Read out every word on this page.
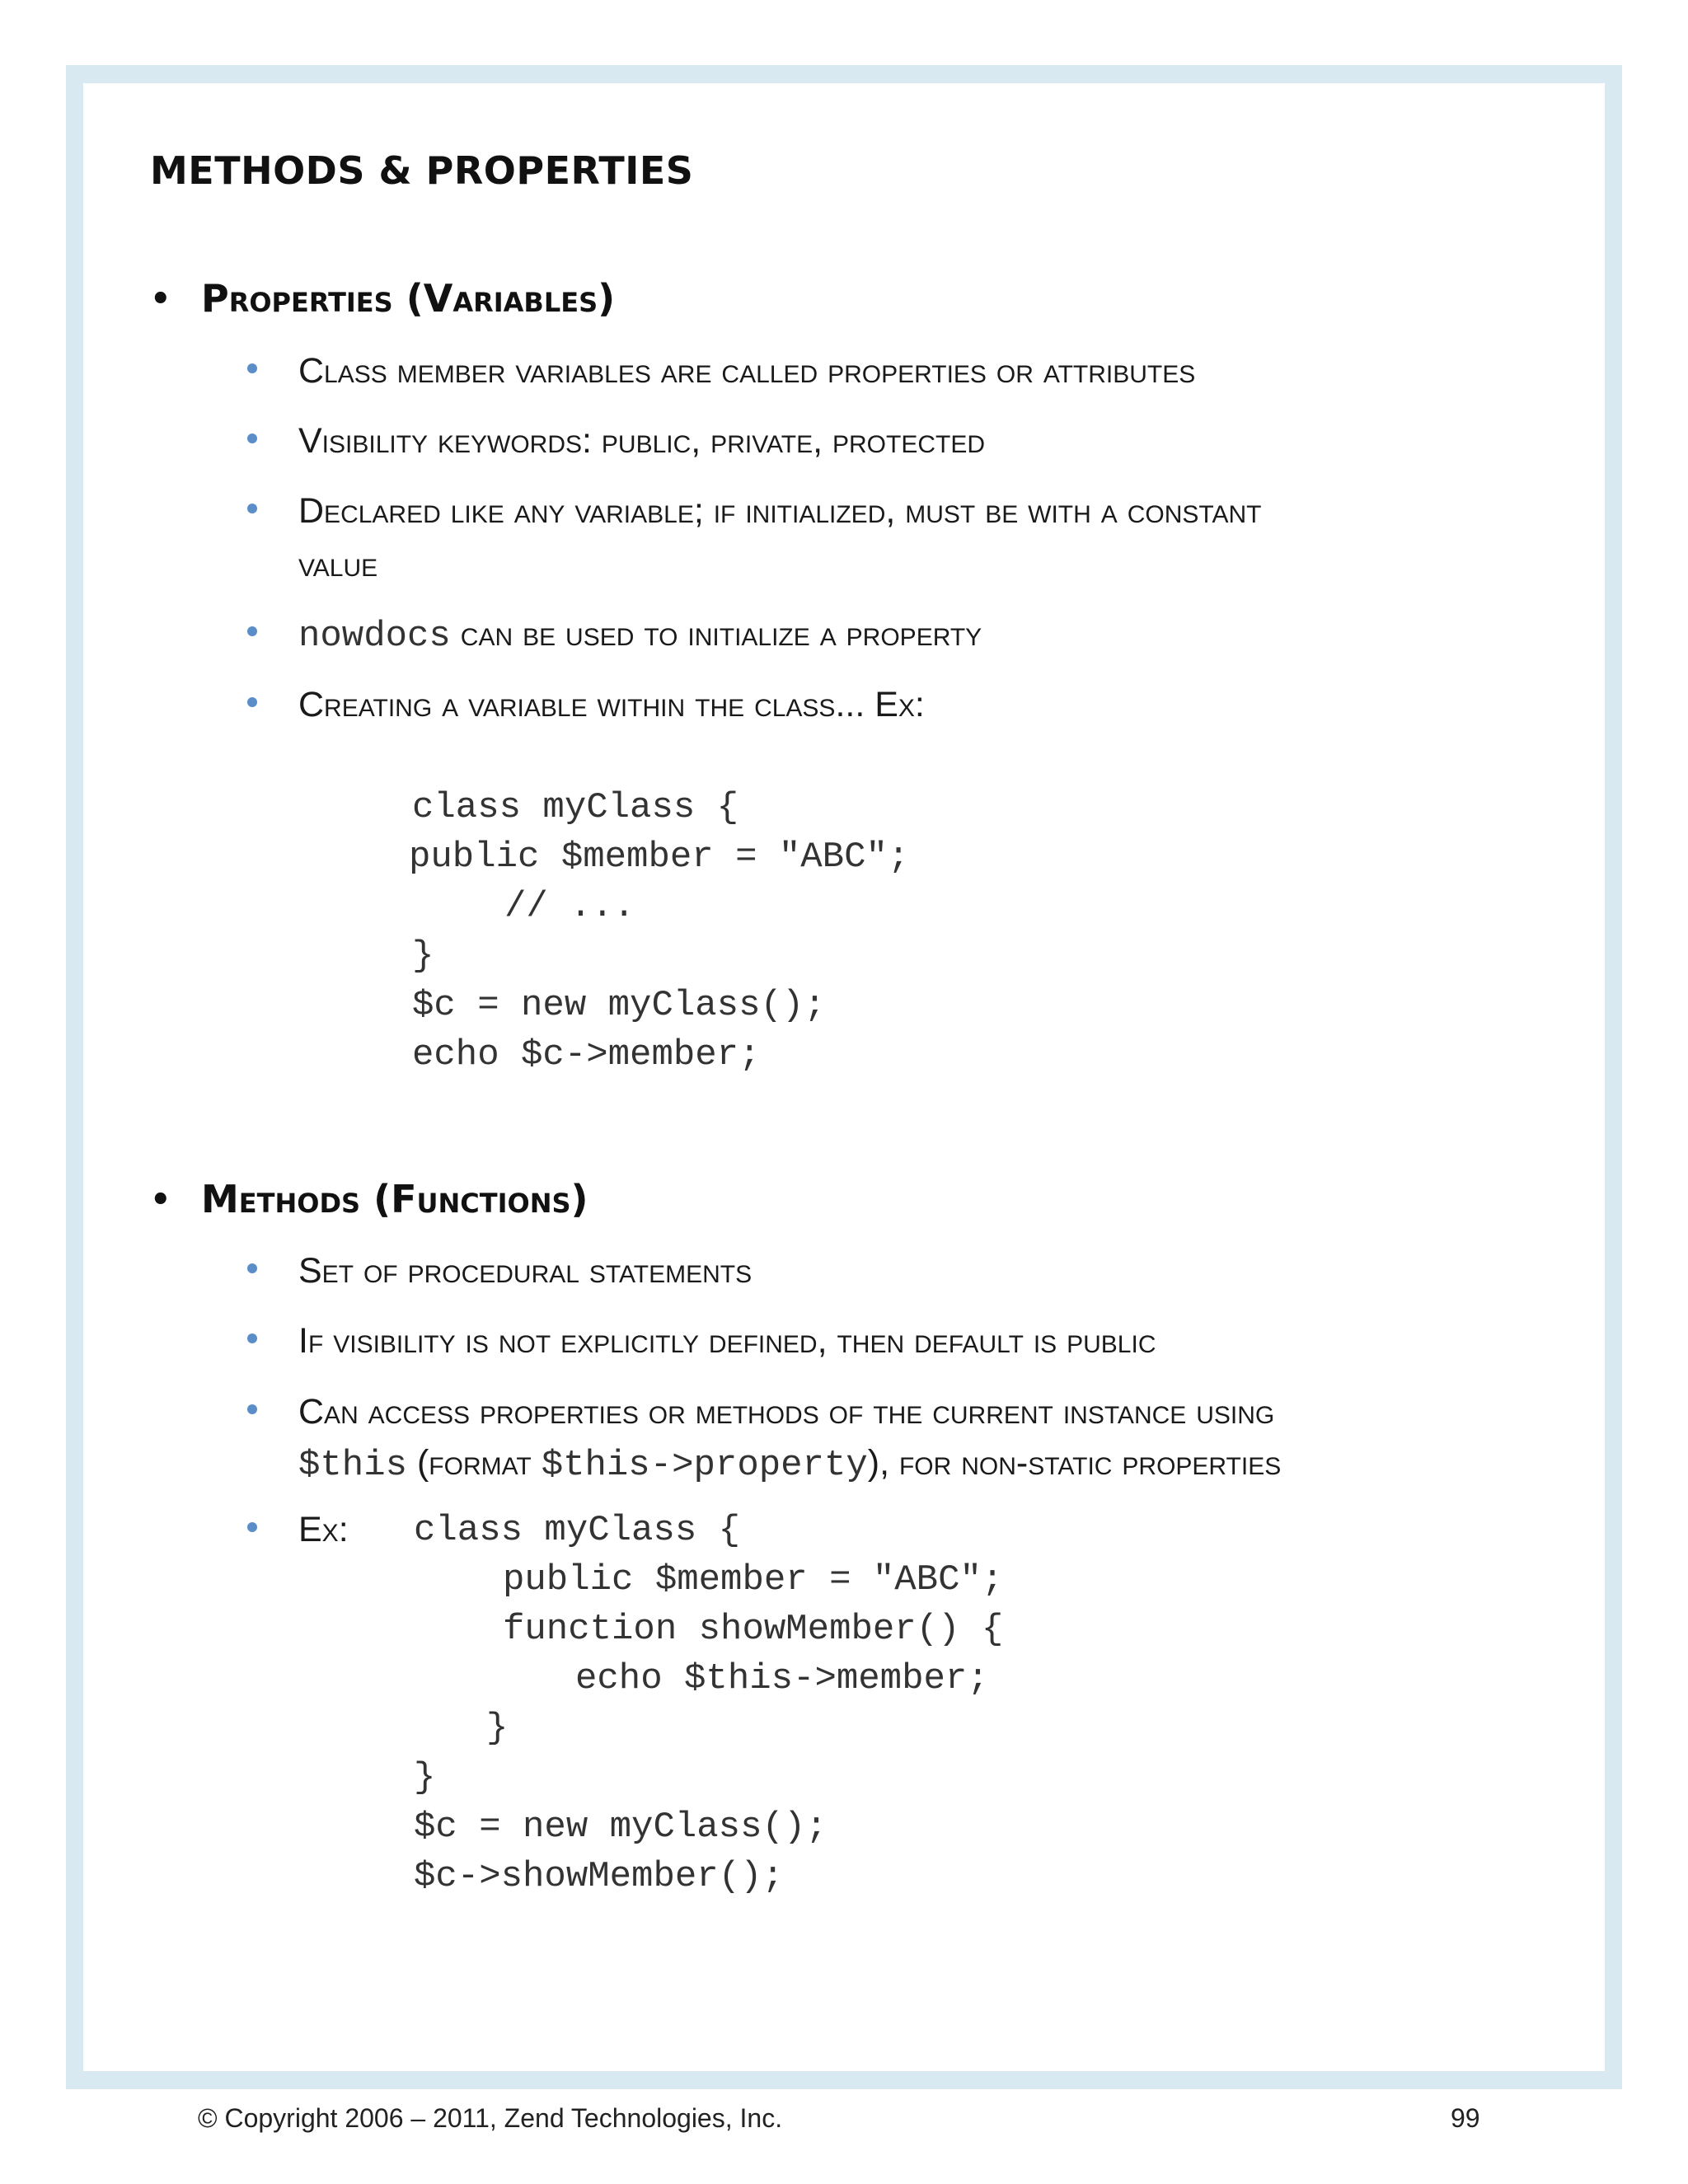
METHODS & PROPERTIES
• Properties (Variables)
Class member variables are called properties or attributes
Visibility keywords: public, private, protected
Declared like any variable; if initialized, must be with a constant
value
nowdocs can be used to initialize a property
Creating a variable within the class... Ex:
class myClass {
public $member = "ABC";
// ...
}
$c = new myClass();
echo $c->member;
• Methods (Functions)
Set of procedural statements
If visibility is not explicitly defined, then default is public
Can access properties or methods of the current instance using
$this (format $this->property), for non-static properties
Ex: class myClass {
public $member = "ABC";
function showMember() {
echo $this->member;
}
}
$c = new myClass();
$c->showMember();
© Copyright 2006 – 2011, Zend Technologies, Inc.	99
